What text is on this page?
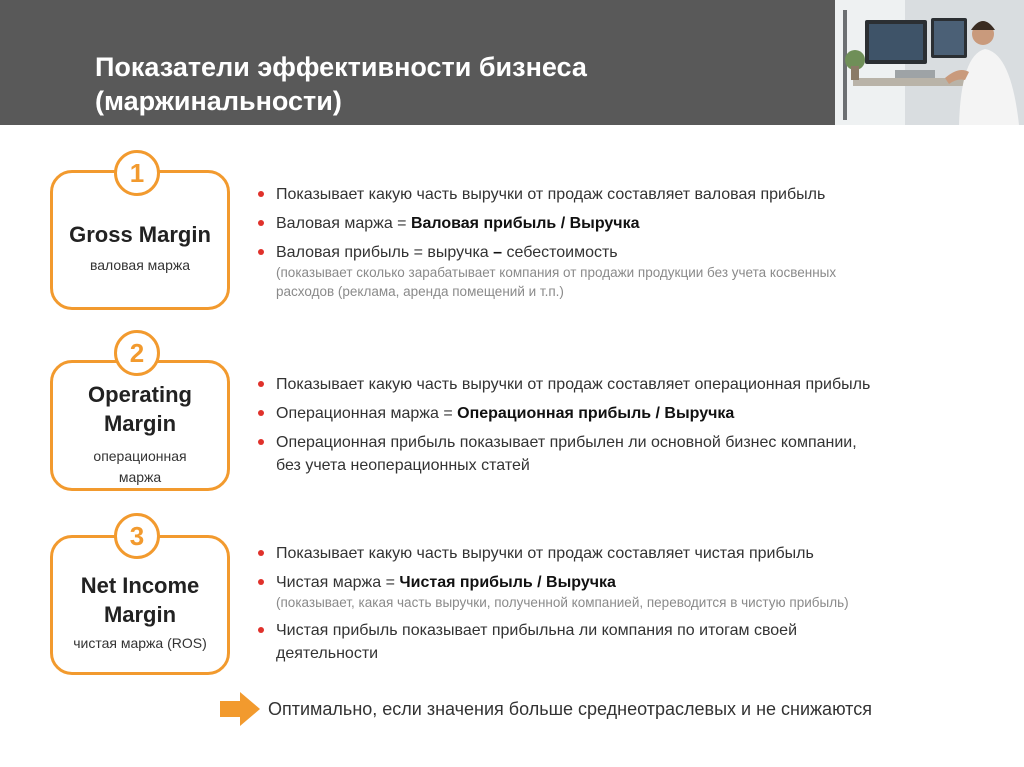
Показатели эффективности бизнеса
(маржинальности)
Gross Margin
валовая маржа
1
Показывает какую часть выручки от продаж составляет валовая прибыль
Валовая маржа = Валовая прибыль / Выручка
Валовая прибыль = выручка – себестоимость
(показывает сколько зарабатывает компания от продажи продукции без учета косвенных
расходов (реклама, аренда помещений и т.п.)
Operating
Margin
операционная
маржа
2
Показывает какую часть выручки от продаж составляет операционная прибыль
Операционная маржа = Операционная прибыль / Выручка
Операционная прибыль показывает прибылен ли основной бизнес компании,
без учета неоперационных статей
Net Income
Margin
чистая маржа (ROS)
3
Показывает какую часть выручки от продаж составляет чистая прибыль
Чистая маржа = Чистая прибыль / Выручка
(показывает, какая часть выручки, полученной компанией, переводится в чистую прибыль)
Чистая прибыль показывает прибыльна ли компания по итогам своей
деятельности
Оптимально, если значения больше среднеотраслевых и не снижаются
